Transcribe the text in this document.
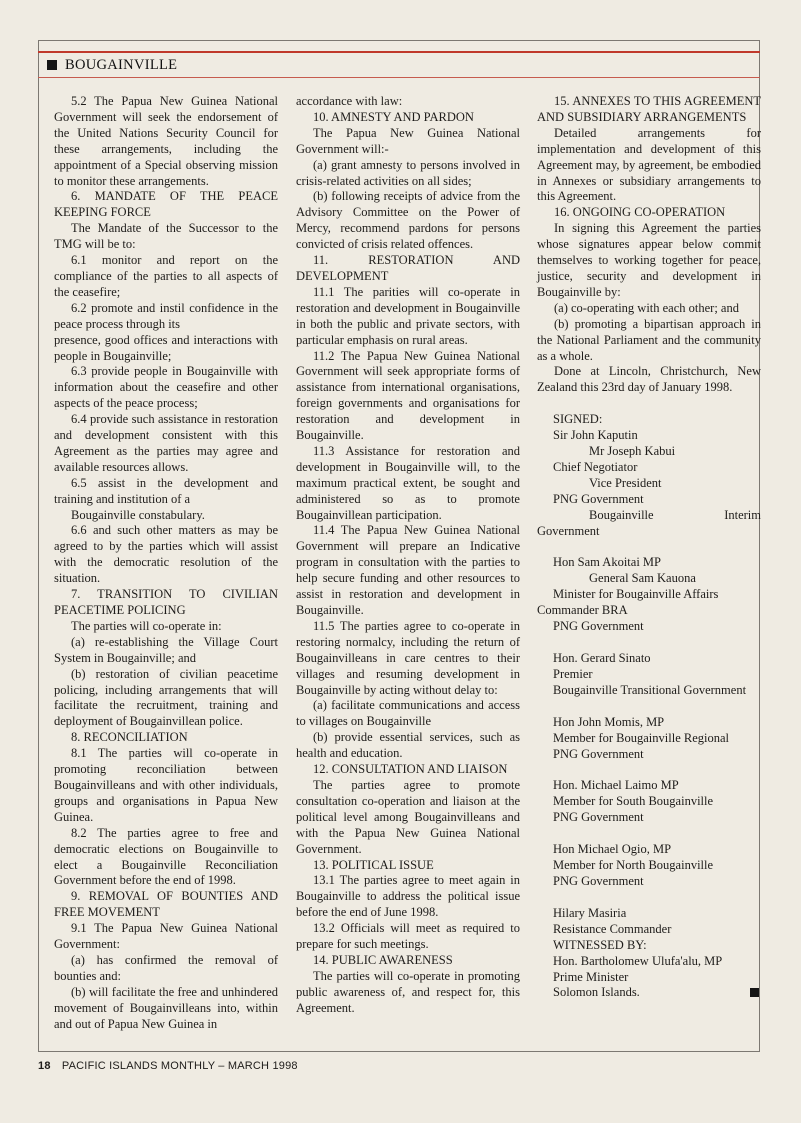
BOUGAINVILLE

5.2 The Papua New Guinea National Government will seek the endorsement of the United Nations Security Council for these arrangements, including the appointment of a Special observing mission to monitor these arrangements.

6. MANDATE OF THE PEACE KEEPING FORCE

The Mandate of the Successor to the TMG will be to:

6.1 monitor and report on the compliance of the parties to all aspects of the ceasefire;

6.2 promote and instil confidence in the peace process through its

presence, good offices and interactions with people in Bougainville;

6.3 provide people in Bougainville with information about the ceasefire and other aspects of the peace process;

6.4 provide such assistance in restoration and development consistent with this Agreement as the parties may agree and available resources allows.

6.5 assist in the development and training and institution of a

Bougainville constabulary.

6.6 and such other matters as may be agreed to by the parties which will assist with the democratic resolution of the situation.

7. TRANSITION TO CIVILIAN PEACETIME POLICING

The parties will co-operate in:

(a) re-establishing the Village Court System in Bougainville; and

(b) restoration of civilian peacetime policing, including arrangements that will facilitate the recruitment, training and deployment of Bougainvillean police.

8. RECONCILIATION

8.1 The parties will co-operate in promoting reconciliation between Bougainvilleans and with other individuals, groups and organisations in Papua New Guinea.

8.2 The parties agree to free and democratic elections on Bougainville to elect a Bougainville Reconciliation Government before the end of 1998.

9. REMOVAL OF BOUNTIES AND FREE MOVEMENT

9.1 The Papua New Guinea National Government:

(a) has confirmed the removal of bounties and:

(b) will facilitate the free and unhindered movement of Bougainvilleans into, within and out of Papua New Guinea in

accordance with law:

10. AMNESTY AND PARDON

The Papua New Guinea National Government will:-

(a) grant amnesty to persons involved in crisis-related activities on all sides;

(b) following receipts of advice from the Advisory Committee on the Power of Mercy, recommend pardons for persons convicted of crisis related offences.

11. RESTORATION AND DEVELOPMENT

11.1 The parities will co-operate in restoration and development in Bougainville in both the public and private sectors, with particular emphasis on rural areas.

11.2 The Papua New Guinea National Government will seek appropriate forms of assistance from international organisations, foreign governments and organisations for restoration and development in Bougainville.

11.3 Assistance for restoration and development in Bougainville will, to the maximum practical extent, be sought and administered so as to promote Bougainvillean participation.

11.4 The Papua New Guinea National Government will prepare an Indicative program in consultation with the parties to help secure funding and other resources to assist in restoration and development in Bougainville.

11.5 The parties agree to co-operate in restoring normalcy, including the return of Bougainvilleans in care centres to their villages and resuming development in Bougainville by acting without delay to:

(a) facilitate communications and access to villages on Bougainville

(b) provide essential services, such as health and education.

12. CONSULTATION AND LIAISON

The parties agree to promote consultation co-operation and liaison at the political level among Bougainvilleans and with the Papua New Guinea National Government.

13. POLITICAL ISSUE

13.1 The parties agree to meet again in Bougainville to address the political issue before the end of June 1998.

13.2 Officials will meet as required to prepare for such meetings.

14. PUBLIC AWARENESS

The parties will co-operate in promoting public awareness of, and respect for, this Agreement.

15. ANNEXES TO THIS AGREEMENT AND SUBSIDIARY ARRANGEMENTS

Detailed arrangements for implementation and development of this Agreement may, by agreement, be embodied in Annexes or subsidiary arrangements to this Agreement.

16. ONGOING CO-OPERATION

In signing this Agreement the parties whose signatures appear below commit themselves to working together for peace, justice, security and development in Bougainville by:

(a) co-operating with each other; and

(b) promoting a bipartisan approach in the National Parliament and the community as a whole.

Done at Lincoln, Christchurch, New Zealand this 23rd day of January 1998.

SIGNED:

Sir John Kaputin

Mr Joseph Kabui

Chief Negotiator

Vice President

PNG Government

Bougainville	Interim

Government

Hon Sam Akoitai MP

General Sam Kauona

Minister for Bougainville Affairs

Commander BRA

PNG Government

Hon. Gerard Sinato

Premier

Bougainville Transitional Government

Hon John Momis, MP

Member for Bougainville Regional

PNG Government

Hon. Michael Laimo MP

Member for South Bougainville

PNG Government

Hon Michael Ogio, MP

Member for North Bougainville

PNG Government

Hilary Masiria

Resistance Commander

WITNESSED BY:

Hon. Bartholomew Ulufa'alu, MP

Prime Minister

Solomon Islands.

18 PACIFIC ISLANDS MONTHLY – MARCH 1998
